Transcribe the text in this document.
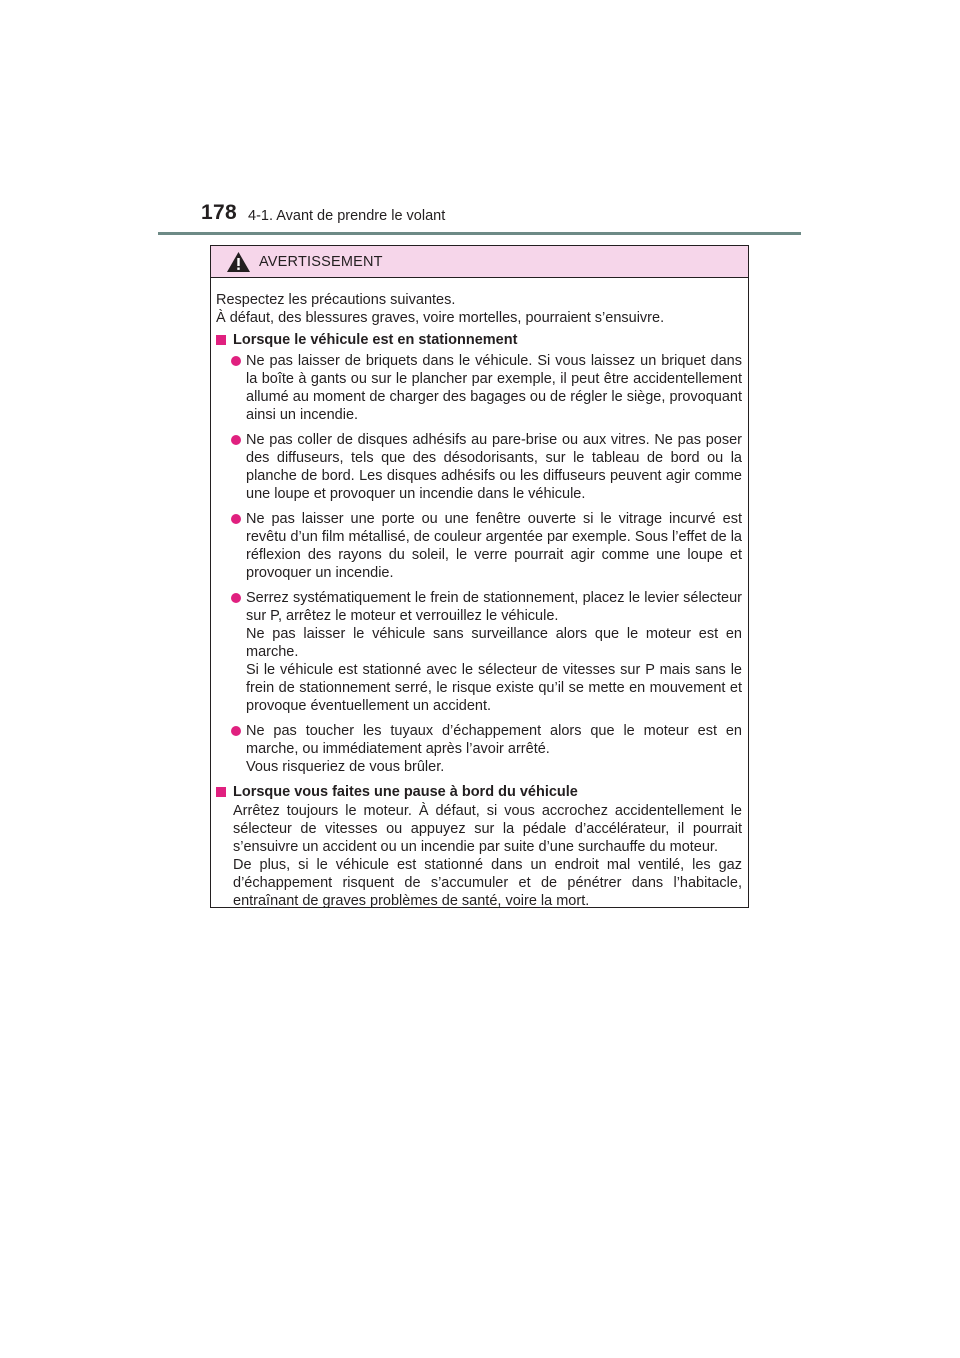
178 4-1. Avant de prendre le volant
AVERTISSEMENT

Respectez les précautions suivantes.

À défaut, des blessures graves, voire mortelles, pourraient s’ensuivre.

Lorsque le véhicule est en stationnement

Ne pas laisser de briquets dans le véhicule. Si vous laissez un briquet dans la boîte à gants ou sur le plancher par exemple, il peut être accidentellement allumé au moment de charger des bagages ou de régler le siège, provoquant ainsi un incendie.

Ne pas coller de disques adhésifs au pare-brise ou aux vitres. Ne pas poser des diffuseurs, tels que des désodorisants, sur le tableau de bord ou la planche de bord. Les disques adhésifs ou les diffuseurs peuvent agir comme une loupe et provoquer un incendie dans le véhicule.

Ne pas laisser une porte ou une fenêtre ouverte si le vitrage incurvé est revêtu d’un film métallisé, de couleur argentée par exemple. Sous l’effet de la réflexion des rayons du soleil, le verre pourrait agir comme une loupe et provoquer un incendie.

Serrez systématiquement le frein de stationnement, placez le levier sélecteur sur P, arrêtez le moteur et verrouillez le véhicule.

Ne pas laisser le véhicule sans surveillance alors que le moteur est en marche.

Si le véhicule est stationné avec le sélecteur de vitesses sur P mais sans le frein de stationnement serré, le risque existe qu’il se mette en mouvement et provoque éventuellement un accident.

Ne pas toucher les tuyaux d’échappement alors que le moteur est en marche, ou immédiatement après l’avoir arrêté.

Vous risqueriez de vous brûler.

Lorsque vous faites une pause à bord du véhicule

Arrêtez toujours le moteur. À défaut, si vous accrochez accidentellement le sélecteur de vitesses ou appuyez sur la pédale d’accélérateur, il pourrait s’ensuivre un accident ou un incendie par suite d’une surchauffe du moteur.

De plus, si le véhicule est stationné dans un endroit mal ventilé, les gaz d’échappement risquent de s’accumuler et de pénétrer dans l’habitacle, entraînant de graves problèmes de santé, voire la mort.
